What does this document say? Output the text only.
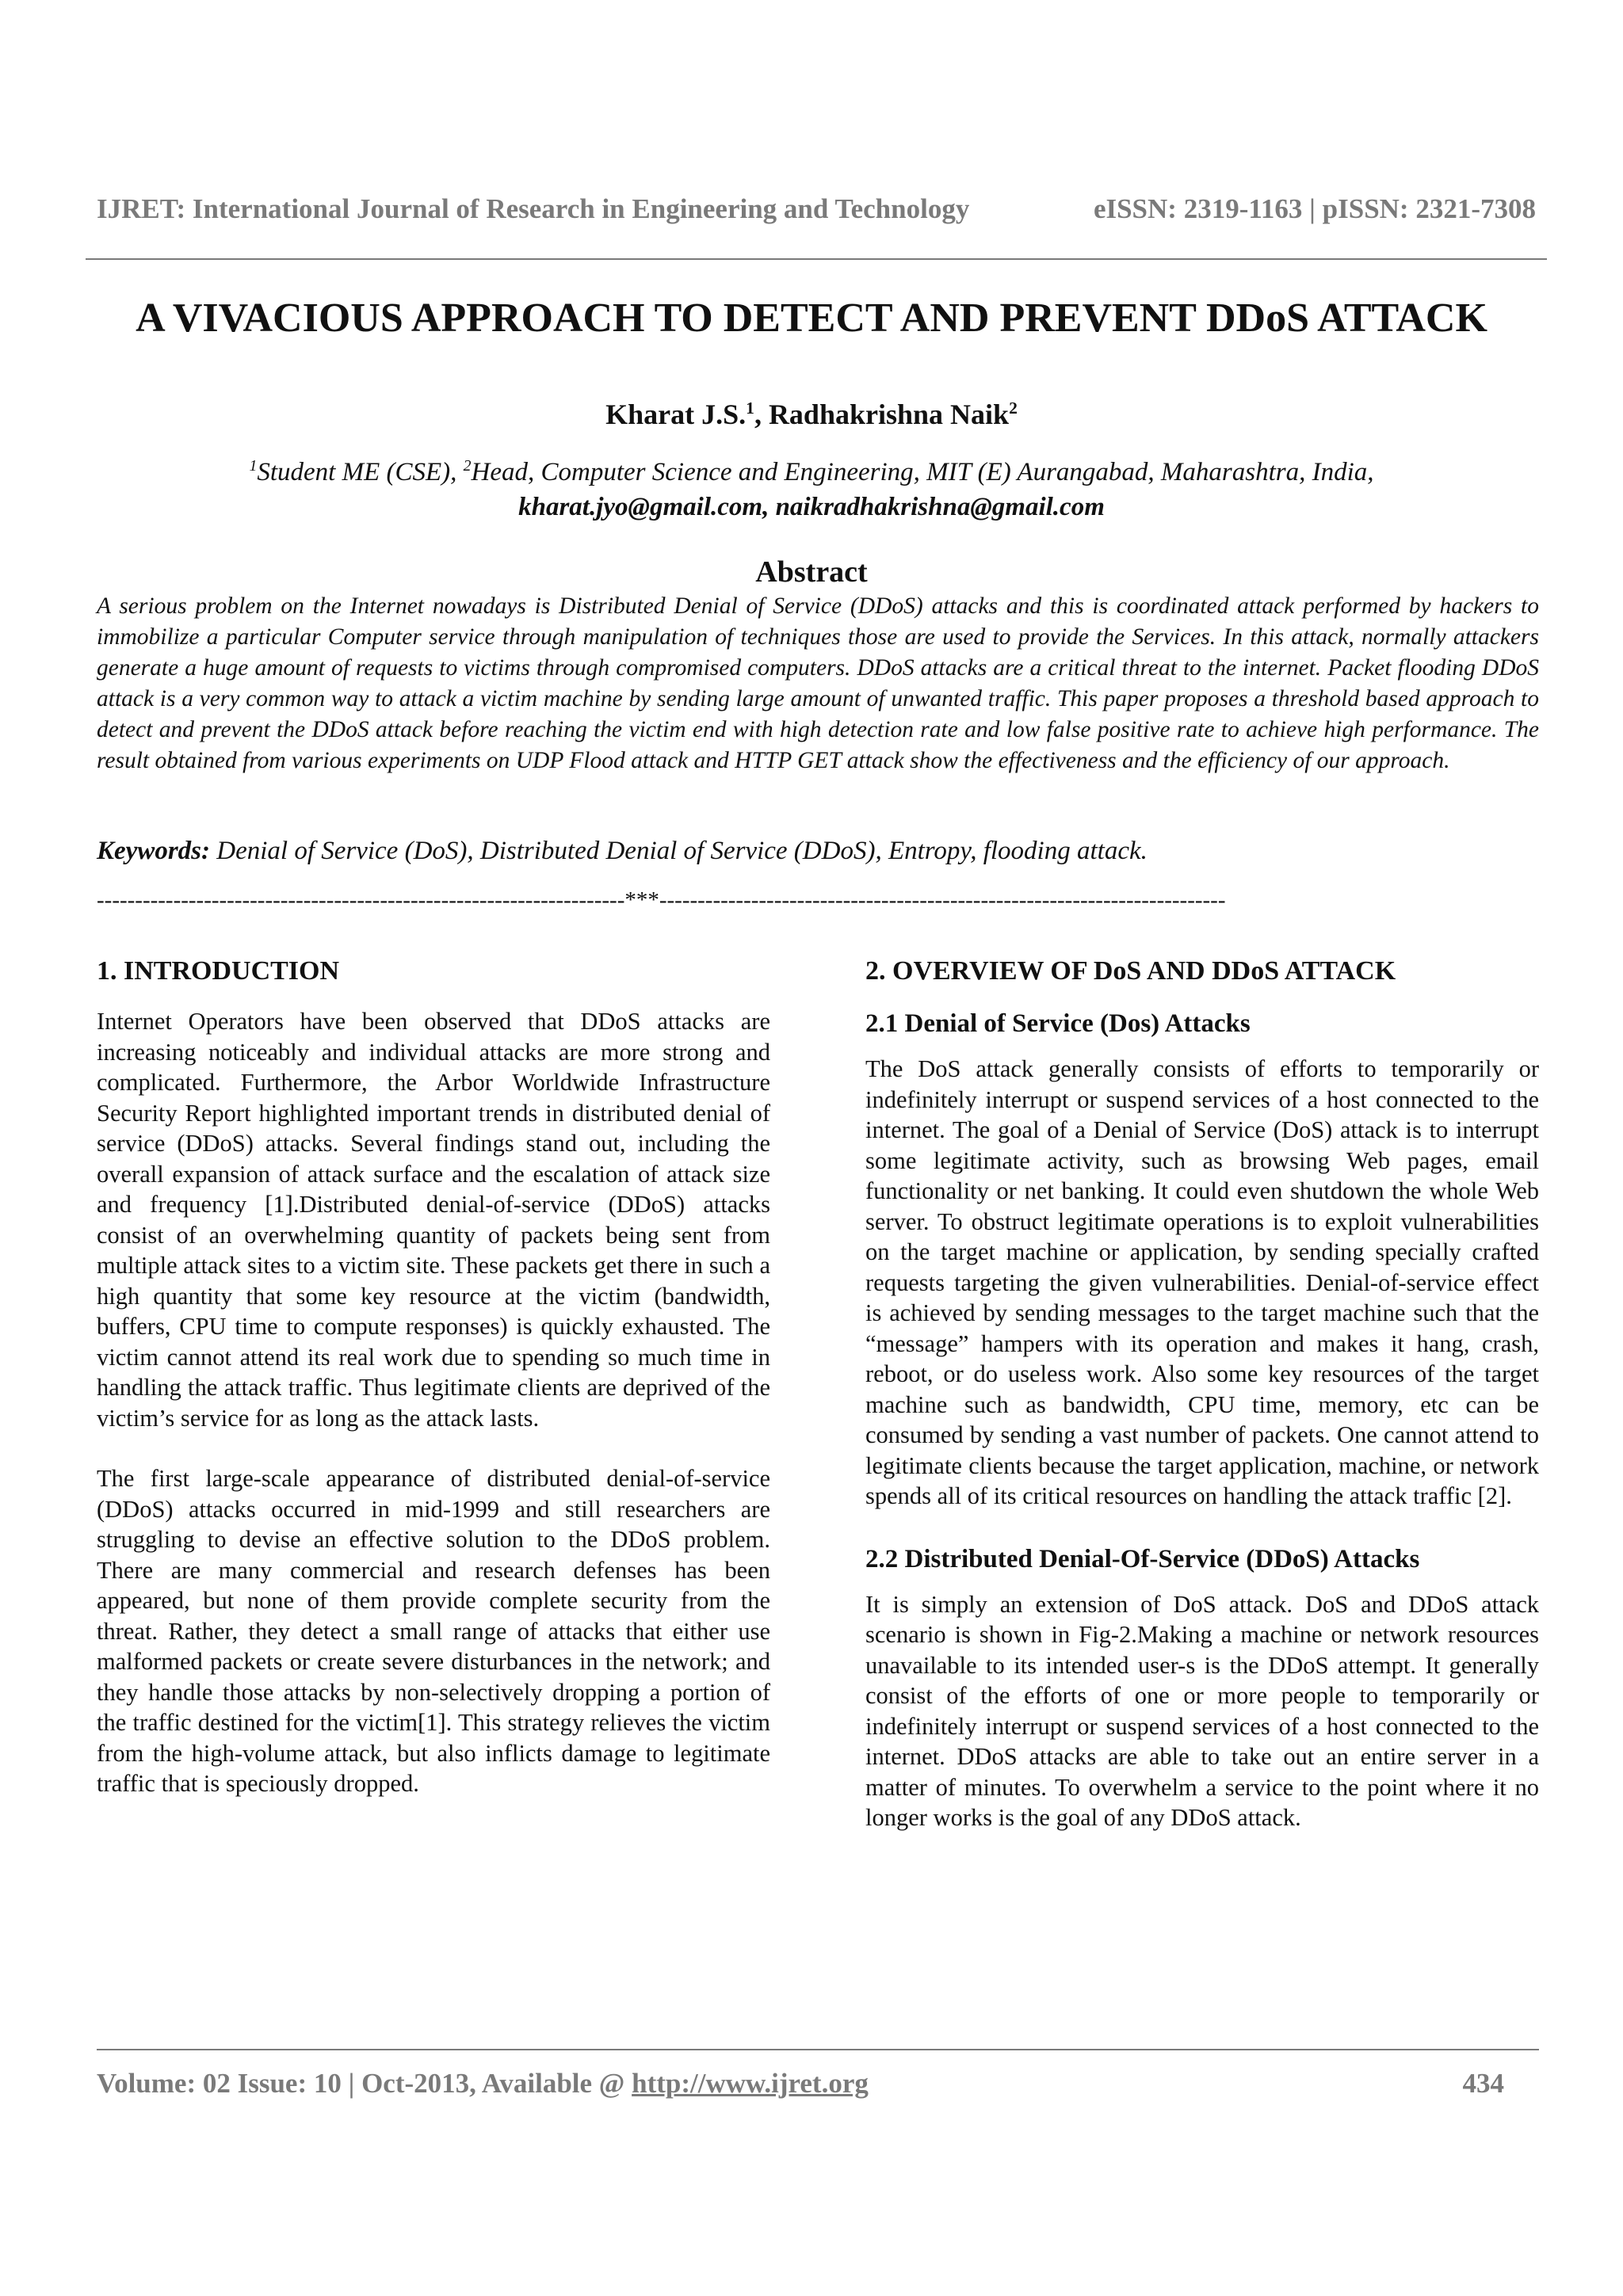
IJRET: International Journal of Research in Engineering and Technology	eISSN: 2319-1163 | pISSN: 2321-7308
A VIVACIOUS APPROACH TO DETECT AND PREVENT DDoS ATTACK
Kharat J.S.$^1$, Radhakrishna Naik$^2$
$^1$Student ME (CSE), $^2$Head, Computer Science and Engineering, MIT (E) Aurangabad, Maharashtra, India,
kharat.jyo@gmail.com, naikradhakrishna@gmail.com
Abstract
A serious problem on the Internet nowadays is Distributed Denial of Service (DDoS) attacks and this is coordinated attack performed by hackers to immobilize a particular Computer service through manipulation of techniques those are used to provide the Services. In this attack, normally attackers generate a huge amount of requests to victims through compromised computers. DDoS attacks are a critical threat to the internet. Packet flooding DDoS attack is a very common way to attack a victim machine by sending large amount of unwanted traffic. This paper proposes a threshold based approach to detect and prevent the DDoS attack before reaching the victim end with high detection rate and low false positive rate to achieve high performance. The result obtained from various experiments on UDP Flood attack and HTTP GET attack show the effectiveness and the efficiency of our approach.
Keywords: Denial of Service (DoS), Distributed Denial of Service (DDoS), Entropy, flooding attack.
---------------------------------------------------------------------***--------------------------------------------------------------------------
1. INTRODUCTION

Internet Operators have been observed that DDoS attacks are increasing noticeably and individual attacks are more strong and complicated. Furthermore, the Arbor Worldwide Infrastructure Security Report highlighted important trends in distributed denial of service (DDoS) attacks. Several findings stand out, including the overall expansion of attack surface and the escalation of attack size and frequency [1].Distributed denial-of-service (DDoS) attacks consist of an overwhelming quantity of packets being sent from multiple attack sites to a victim site. These packets get there in such a high quantity that some key resource at the victim (bandwidth, buffers, CPU time to compute responses) is quickly exhausted. The victim cannot attend its real work due to spending so much time in handling the attack traffic. Thus legitimate clients are deprived of the victim’s service for as long as the attack lasts.

The first large-scale appearance of distributed denial-of-service (DDoS) attacks occurred in mid-1999 and still researchers are struggling to devise an effective solution to the DDoS problem. There are many commercial and research defenses has been appeared, but none of them provide complete security from the threat. Rather, they detect a small range of attacks that either use malformed packets or create severe disturbances in the network; and they handle those attacks by non-selectively dropping a portion of the traffic destined for the victim[1]. This strategy relieves the victim from the high-volume attack, but also inflicts damage to legitimate traffic that is speciously dropped.

2. OVERVIEW OF DoS AND DDoS ATTACK
2.1 Denial of Service (Dos) Attacks

The DoS attack generally consists of efforts to temporarily or indefinitely interrupt or suspend services of a host connected to the internet. The goal of a Denial of Service (DoS) attack is to interrupt some legitimate activity, such as browsing Web pages, email functionality or net banking. It could even shutdown the whole Web server. To obstruct legitimate operations is to exploit vulnerabilities on the target machine or application, by sending specially crafted requests targeting the given vulnerabilities. Denial-of-service effect is achieved by sending messages to the target machine such that the “message” hampers with its operation and makes it hang, crash, reboot, or do useless work. Also some key resources of the target machine such as bandwidth, CPU time, memory, etc can be consumed by sending a vast number of packets. One cannot attend to legitimate clients because the target application, machine, or network spends all of its critical resources on handling the attack traffic [2].

2.2 Distributed Denial-Of-Service (DDoS) Attacks

It is simply an extension of DoS attack. DoS and DDoS attack scenario is shown in Fig-2.Making a machine or network resources unavailable to its intended user-s is the DDoS attempt. It generally consist of the efforts of one or more people to temporarily or indefinitely interrupt or suspend services of a host connected to the internet. DDoS attacks are able to take out an entire server in a matter of minutes. To overwhelm a service to the point where it no longer works is the goal of any DDoS attack.

Volume: 02 Issue: 10 | Oct-2013, Available @ http://www.ijret.org	434
